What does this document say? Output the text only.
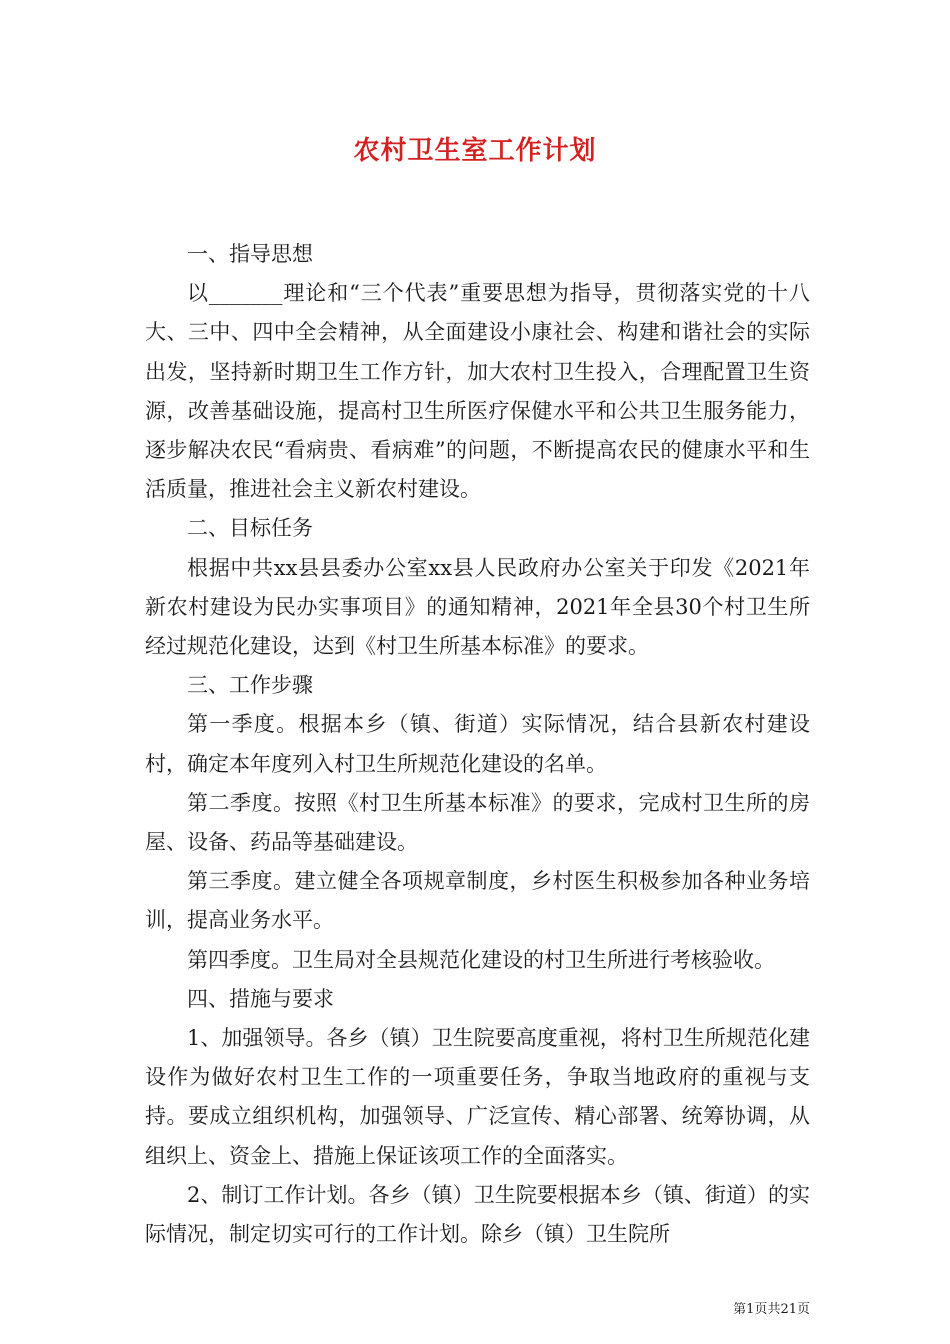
农村卫生室工作计划

一、指导思想

以_______理论和“三个代表”重要思想为指导，贯彻落实党的十八大、三中、四中全会精神，从全面建设小康社会、构建和谐社会的实际出发，坚持新时期卫生工作方针，加大农村卫生投入，合理配置卫生资源，改善基础设施，提高村卫生所医疗保健水平和公共卫生服务能力，逐步解决农民“看病贵、看病难”的问题，不断提高农民的健康水平和生活质量，推进社会主义新农村建设。

二、目标任务

根据中共xx县县委办公室xx县人民政府办公室关于印发《2021年新农村建设为民办实事项目》的通知精神，2021年全县30个村卫生所经过规范化建设，达到《村卫生所基本标准》的要求。

三、工作步骤

第一季度。根据本乡（镇、街道）实际情况，结合县新农村建设村，确定本年度列入村卫生所规范化建设的名单。

第二季度。按照《村卫生所基本标准》的要求，完成村卫生所的房屋、设备、药品等基础建设。

第三季度。建立健全各项规章制度，乡村医生积极参加各种业务培训，提高业务水平。

第四季度。卫生局对全县规范化建设的村卫生所进行考核验收。

四、措施与要求

1、加强领导。各乡（镇）卫生院要高度重视，将村卫生所规范化建设作为做好农村卫生工作的一项重要任务，争取当地政府的重视与支持。要成立组织机构，加强领导、广泛宣传、精心部署、统筹协调，从组织上、资金上、措施上保证该项工作的全面落实。

2、制订工作计划。各乡（镇）卫生院要根据本乡（镇、街道）的实际情况，制定切实可行的工作计划。除乡（镇）卫生院所

第1页共21页
